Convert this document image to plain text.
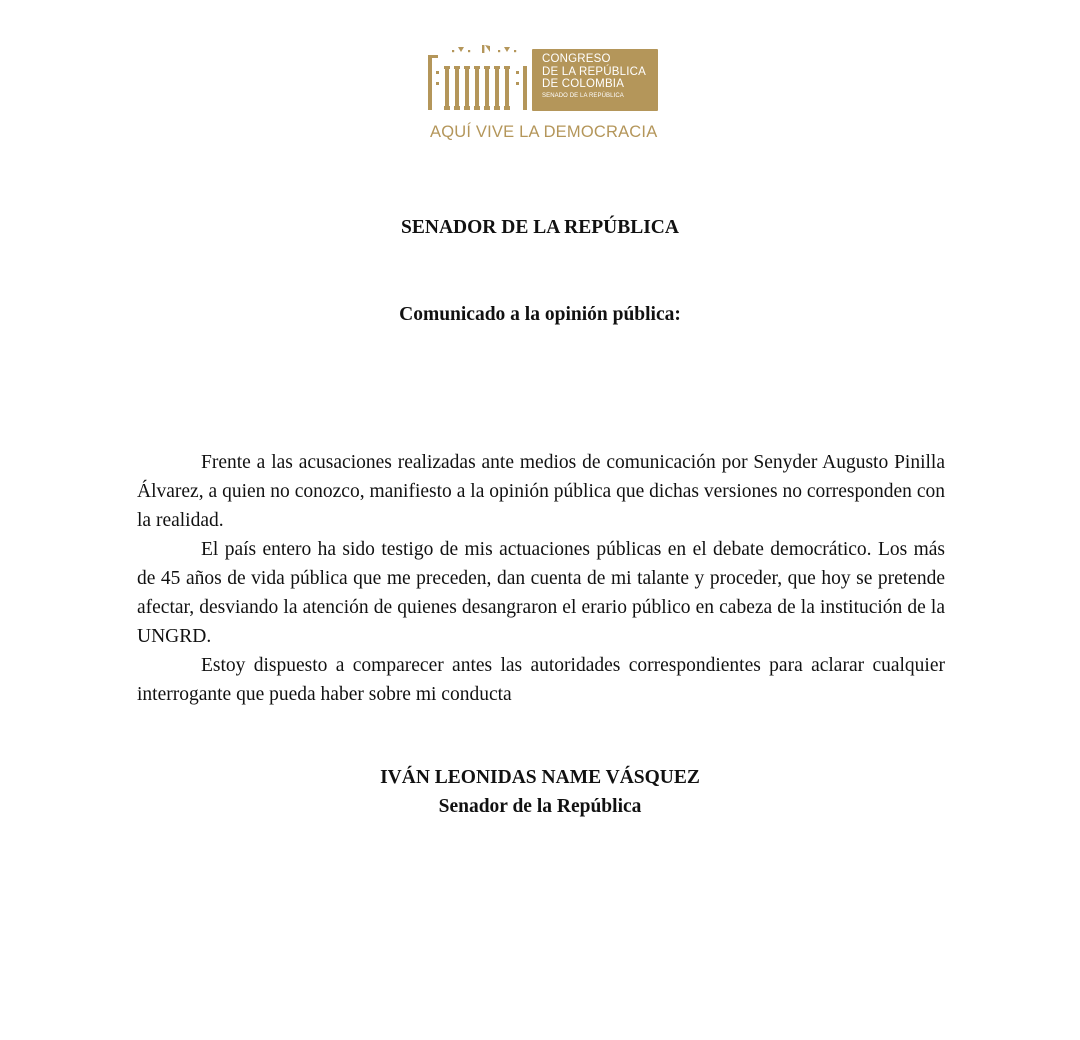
CONGRESO
DE LA REPÚBLICA
DE COLOMBIA
SENADO DE LA REPÚBLICA
AQUÍ VIVE LA DEMOCRACIA
SENADOR DE LA REPÚBLICA
Comunicado a la opinión pública:

Frente a las acusaciones realizadas ante medios de comunicación por Senyder Augusto Pinilla Álvarez, a quien no conozco, manifiesto a la opinión pública que dichas versiones no corresponden con la realidad.

El país entero ha sido testigo de mis actuaciones públicas en el debate democrático. Los más de 45 años de vida pública que me preceden, dan cuenta de mi talante y proceder, que hoy se pretende afectar, desviando la atención de quienes desangraron el erario público en cabeza de la institución de la UNGRD.

Estoy dispuesto a comparecer antes las autoridades correspondientes para aclarar cualquier interrogante que pueda haber sobre mi conducta

IVÁN LEONIDAS NAME VÁSQUEZ
Senador de la República
